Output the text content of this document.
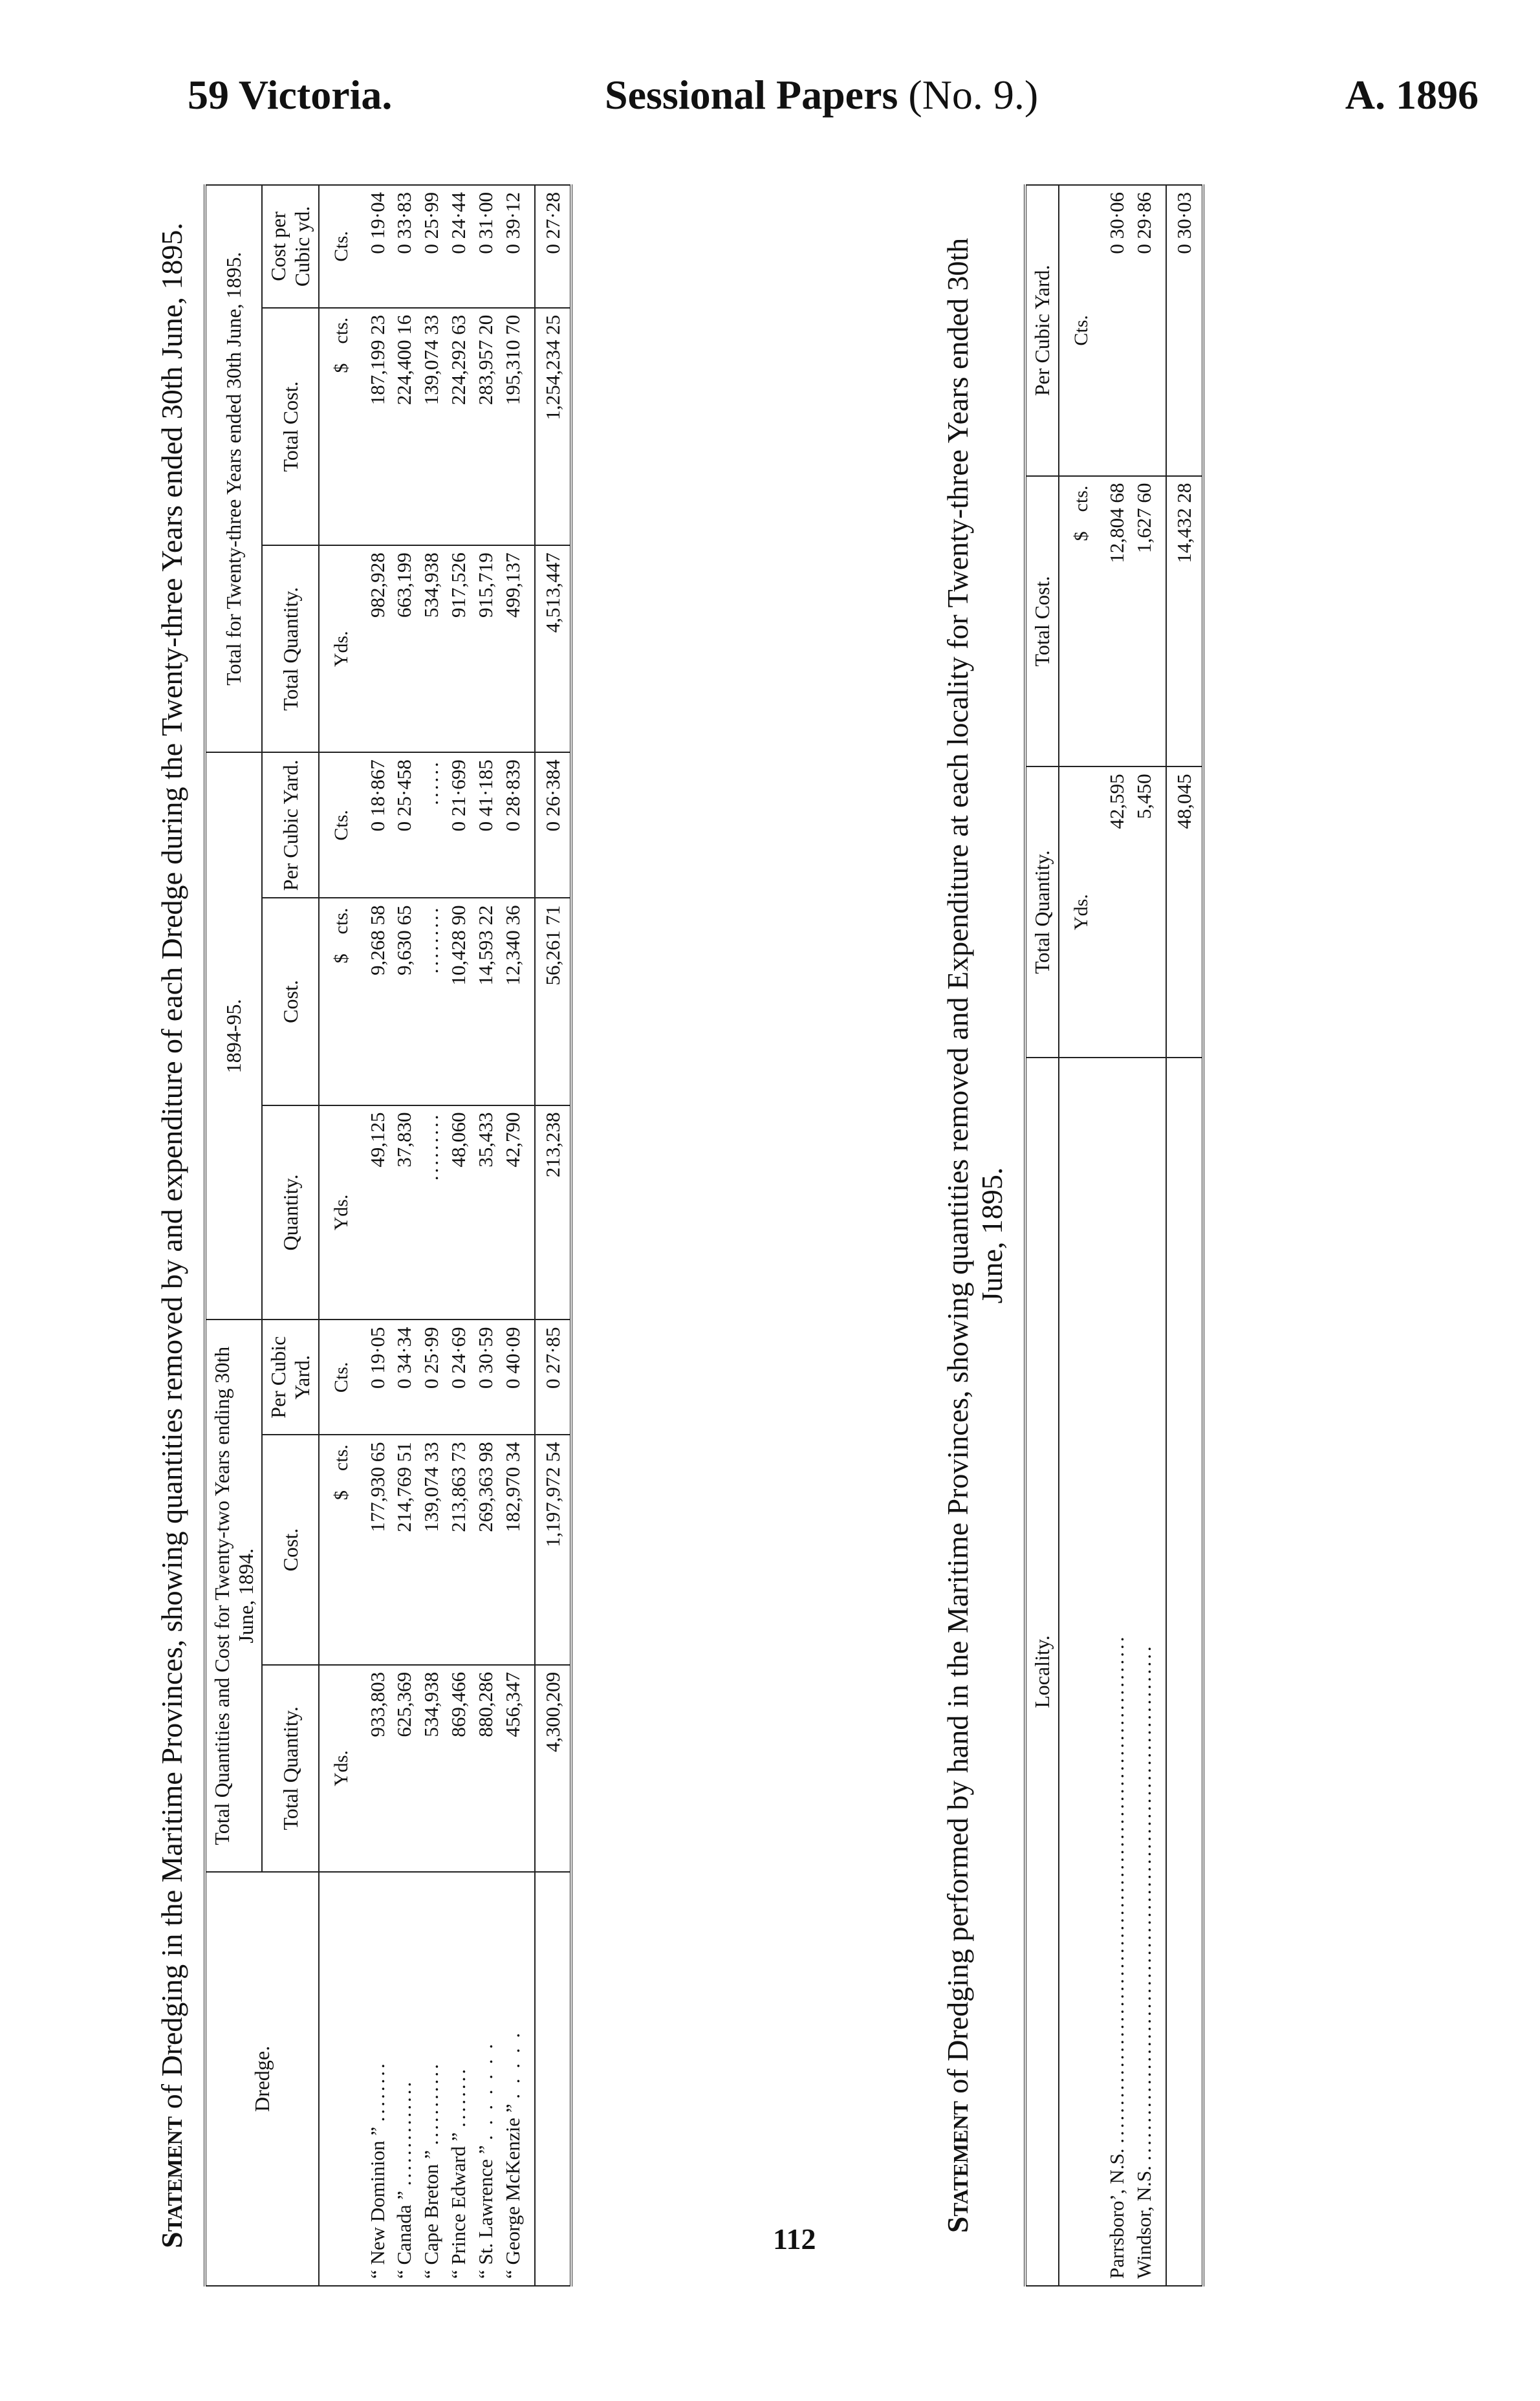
59 Victoria.	Sessional Papers (No. 9.)	A. 1896
Statement of Dredging in the Maritime Provinces, showing quantities removed by and expenditure of each Dredge during the Twenty-three Years ended 30th June, 1895.	Dredge.	Total Quantities and Cost for Twenty-two Years ending 30th June, 1894.			1894-95.			Total for Twenty-three Years ended 30th June, 1895.		
	Total Quantity.	Cost.	Per Cubic Yard.	Quantity.	Cost.	Per Cubic Yard.	Total Quantity.	Total Cost.	Cost per Cubic yd.
	Yds.	$    cts.	Cts.	Yds.	$    cts.	Cts.	Yds.	$    cts.	Cts.
“ New Dominion ” ........	933,803	177,930 65	0 19·05	49,125	9,268 58	0 18·867	982,928	187,199 23	0 19·04
“ Canada ” ..............	625,369	214,769 51	0 34·34	37,830	9,630 65	0 25·458	663,199	224,400 16	0 33·83
“ Cape Breton ” ...........	534,938	139,074 33	0 25·99	.........	.........	......	534,938	139,074 33	0 25·99
“ Prince Edward ” ........	869,466	213,863 73	0 24·69	48,060	10,428 90	0 21·699	917,526	224,292 63	0 24·44
“ St. Lawrence ” . . . . . . .	880,286	269,363 98	0 30·59	35,433	14,593 22	0 41·185	915,719	283,957 20	0 31·00
“ George McKenzie ” . . . . .	456,347	182,970 34	0 40·09	42,790	12,340 36	0 28·839	499,137	195,310 70	0 39·12
	4,300,209	1,197,972 54	0 27·85	213,238	56,261 71	0 26·384	4,513,447	1,254,234 25	0 27·28
Statement of Dredging performed by hand in the Maritime Provinces, showing quantities removed and Expenditure at each locality for Twenty-three Years ended 30th June, 1895.
Locality.	Total Quantity.	Total Cost.	Per Cubic Yard.
	Yds.	$    cts.	Cts.
Parrsboro’, N.S. ...................................................................	42,595	12,804 68	0 30·06
Windsor, N.S. ....................................................................	5,450	1,627 60	0 29·86
	48,045	14,432 28	0 30·03
112
